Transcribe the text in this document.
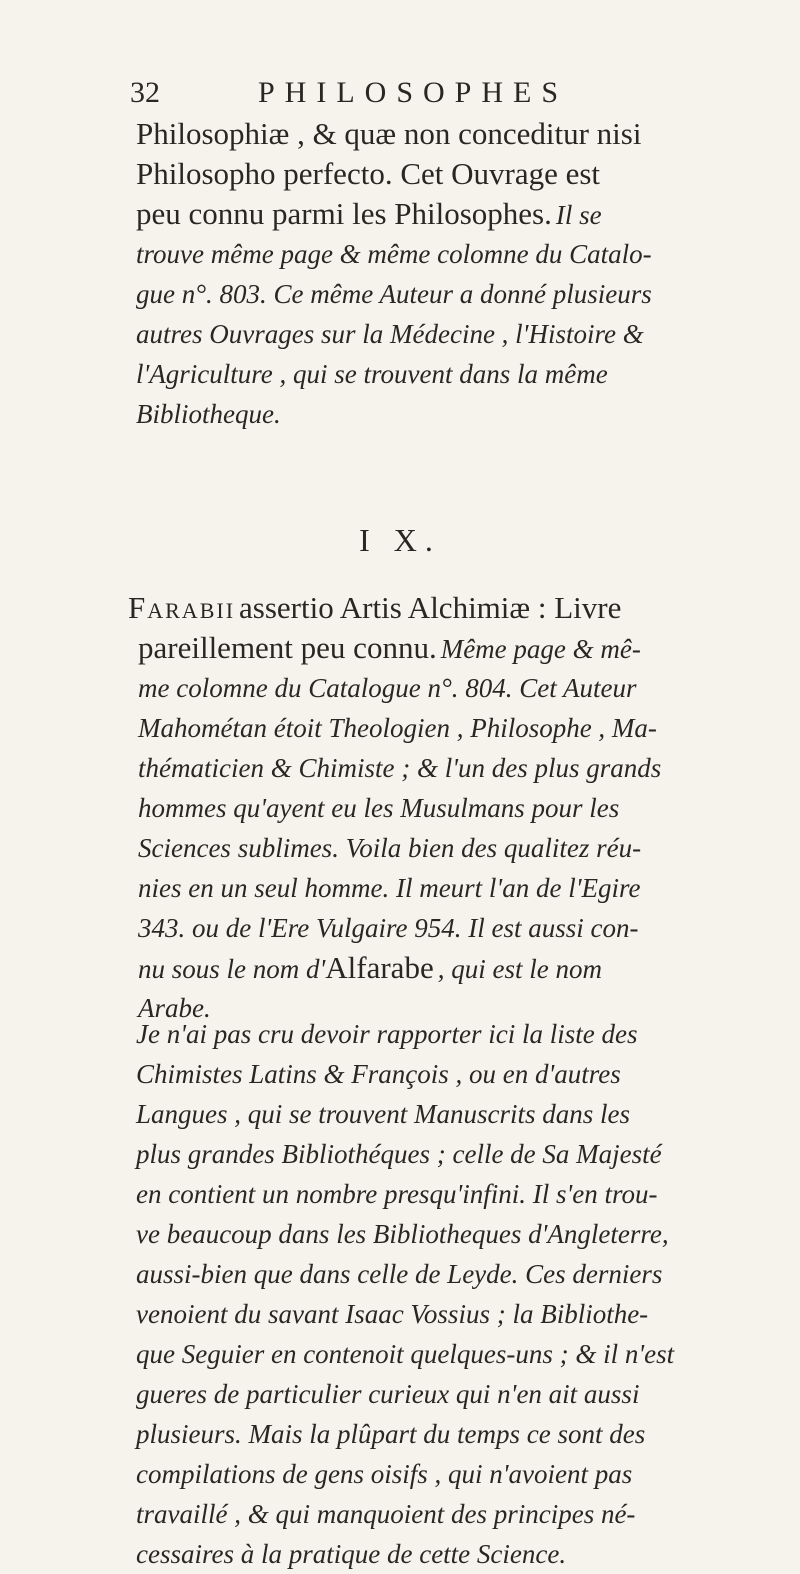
32	PHILOSOPHES
Philosophiæ , & quæ non conceditur nisi
Philosopho perfecto. Cet Ouvrage est
peu connu parmi les Philosophes. Il se
trouve même page & même colomne du Catalo-
gue n°. 803. Ce même Auteur a donné plusieurs
autres Ouvrages sur la Médecine , l'Histoire &
l'Agriculture , qui se trouvent dans la même
Bibliotheque.
I X.
Farabii assertio Artis Alchimiæ : Livre
pareillement peu connu. Même page & mê-
me colomne du Catalogue n°. 804. Cet Auteur
Mahométan étoit Theologien , Philosophe , Ma-
thématicien & Chimiste ; & l'un des plus grands
hommes qu'ayent eu les Musulmans pour les
Sciences sublimes. Voila bien des qualitez réu-
nies en un seul homme. Il meurt l'an de l'Egire
343. ou de l'Ere Vulgaire 954. Il est aussi con-
nu sous le nom d'Alfarabe , qui est le nom
Arabe.
Je n'ai pas cru devoir rapporter ici la liste des
Chimistes Latins & François , ou en d'autres
Langues , qui se trouvent Manuscrits dans les
plus grandes Bibliothéques ; celle de Sa Majesté
en contient un nombre presqu'infini. Il s'en trou-
ve beaucoup dans les Bibliotheques d'Angleterre,
aussi-bien que dans celle de Leyde. Ces derniers
venoient du savant Isaac Vossius ; la Bibliothe-
que Seguier en contenoit quelques-uns ; & il n'est
gueres de particulier curieux qui n'en ait aussi
plusieurs. Mais la plûpart du temps ce sont des
compilations de gens oisifs , qui n'avoient pas
travaillé , & qui manquoient des principes né-
cessaires à la pratique de cette Science.
